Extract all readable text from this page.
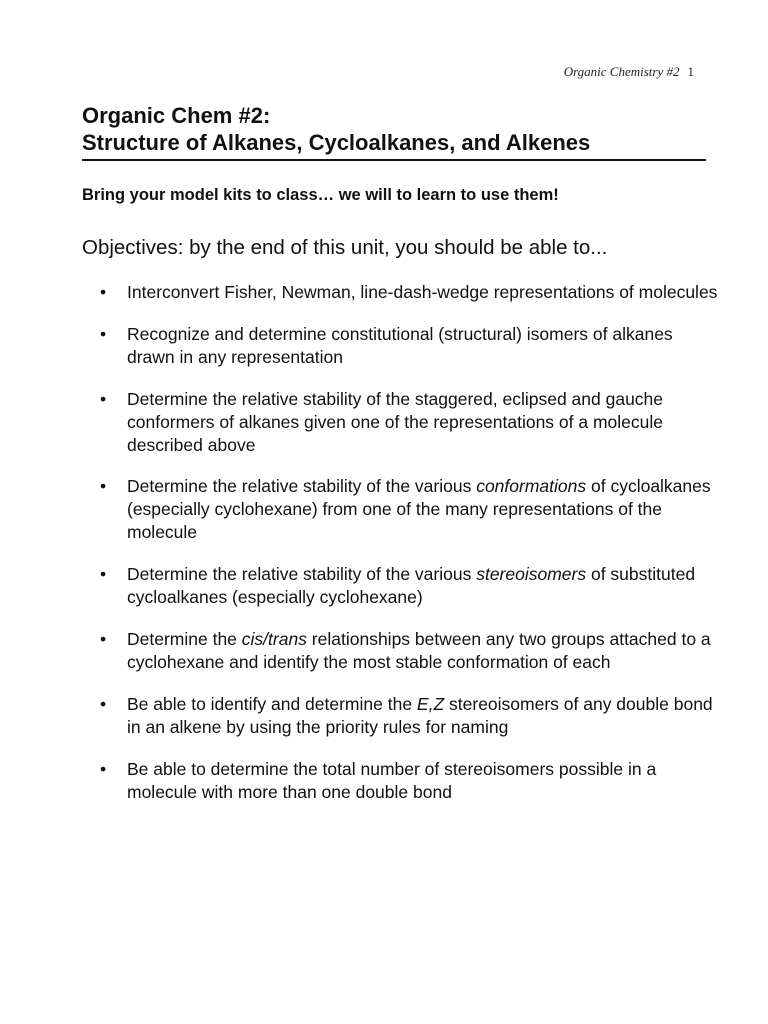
Organic Chemistry #2 1
Organic Chem #2:
Structure of Alkanes, Cycloalkanes, and Alkenes

Bring your model kits to class… we will to learn to use them!

Objectives: by the end of this unit, you should be able to...
•	Interconvert Fisher, Newman, line-dash-wedge representations of molecules
•	Recognize and determine constitutional (structural) isomers of alkanes drawn in any representation
•	Determine the relative stability of the staggered, eclipsed and gauche conformers of alkanes given one of the representations of a molecule described above
•	Determine the relative stability of the various conformations of cycloalkanes (especially cyclohexane) from one of the many representations of the molecule
•	Determine the relative stability of the various stereoisomers of substituted cycloalkanes (especially cyclohexane)
•	Determine the cis/trans relationships between any two groups attached to a cyclohexane and identify the most stable conformation of each
•	Be able to identify and determine the E,Z stereoisomers of any double bond in an alkene by using the priority rules for naming
•	Be able to determine the total number of stereoisomers possible in a molecule with more than one double bond
